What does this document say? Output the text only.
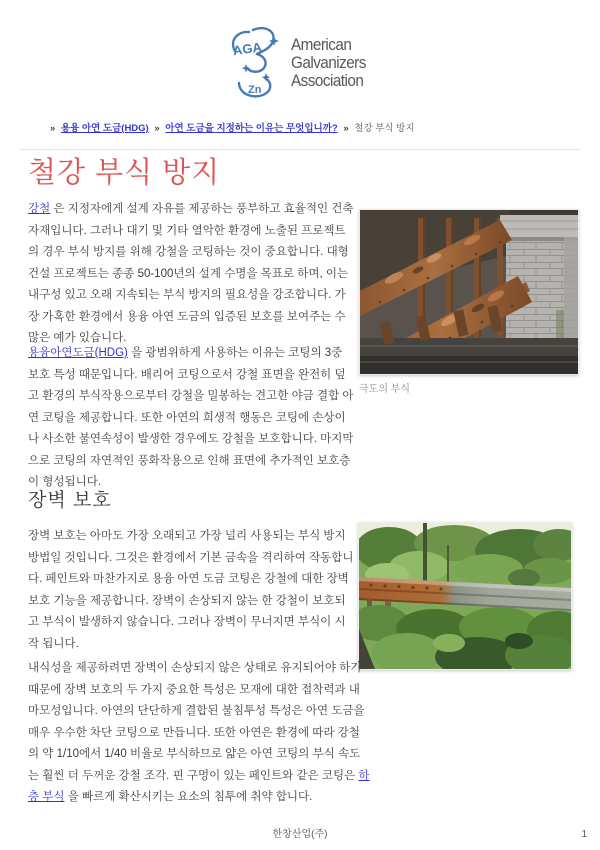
AGA
Zn
American
Galvanizers
Association
» 용융 아연 도금(HDG) » 아연 도금을 지정하는 이유는 무엇입니까? » 철강 부식 방지
철강 부식 방지
극도의 부식

강철 은 지정자에게 설계 자유를 제공하는 풍부하고 효율적인 건축 자재입니다. 그러나 대기 및 기타 열악한 환경에 노출된 프로젝트의 경우 부식 방지를 위해 강철을 코팅하는 것이 중요합니다. 대형 건설 프로젝트는 종종 50-100년의 설계 수명을 목표로 하며, 이는 내구성 있고 오래 지속되는 부식 방지의 필요성을 강조합니다. 가장 가혹한 환경에서 용융 아연 도금의 입증된 보호를 보여주는 수많은 예가 있습니다.

용융아연도금(HDG) 을 광범위하게 사용하는 이유는 코팅의 3중 보호 특성 때문입니다. 배리어 코팅으로서 강철 표면을 완전히 덮고 환경의 부식작용으로부터 강철을 밀봉하는 견고한 야금 결합 아연 코팅을 제공합니다. 또한 아연의 희생적 행동은 코팅에 손상이나 사소한 불연속성이 발생한 경우에도 강철을 보호합니다. 마지막으로 코팅의 자연적인 풍화작용으로 인해 표면에 추가적인 보호층이 형성됩니다.

장벽 보호

장벽 보호는 아마도 가장 오래되고 가장 널리 사용되는 부식 방지 방법일 것입니다. 그것은 환경에서 기본 금속을 격리하여 작동합니다. 페인트와 마찬가지로 용융 아연 도금 코팅은 강철에 대한 장벽 보호 기능을 제공합니다. 장벽이 손상되지 않는 한 강철이 보호되고 부식이 발생하지 않습니다. 그러나 장벽이 무너지면 부식이 시작 됩니다.

내식성을 제공하려면 장벽이 손상되지 않은 상태로 유지되어야 하기 때문에 장벽 보호의 두 가지 중요한 특성은 모재에 대한 접착력과 내마모성입니다. 아연의 단단하게 결합된 불침투성 특성은 아연 도금을 매우 우수한 차단 코팅으로 만듭니다. 또한 아연은 환경에 따라 강철의 약 1/10에서 1/40 비율로 부식하므로 얇은 아연 코팅의 부식 속도는 훨씬 더 두꺼운 강철 조각. 핀 구멍이 있는 페인트와 같은 코팅은 하층 부식 을 빠르게 확산시키는 요소의 침투에 취약 합니다.

한창산업(주)	1
